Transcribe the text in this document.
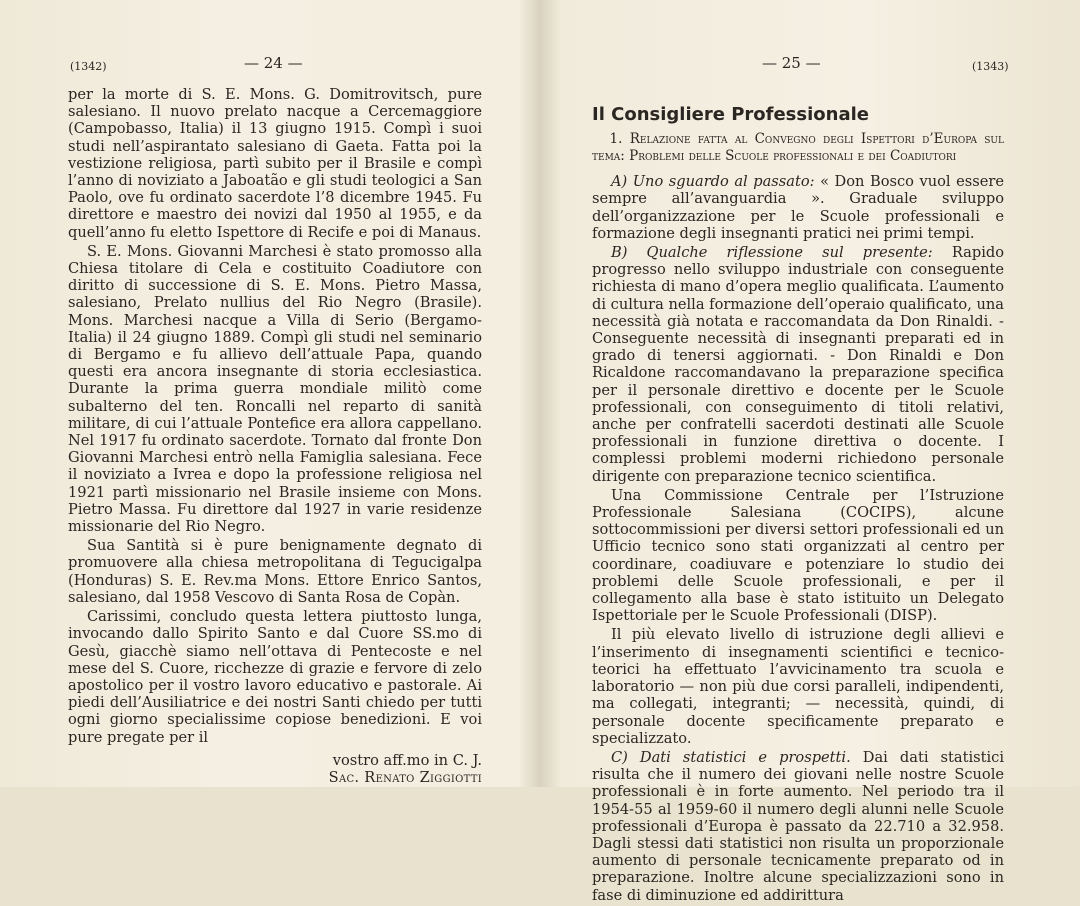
(1342)	— 24 —

per la morte di S. E. Mons. G. Domitrovitsch, pure salesiano. Il nuovo prelato nacque a Cercemaggiore (Campobasso, Italia) il 13 giugno 1915. Compì i suoi studi nell’aspirantato salesiano di Gaeta. Fatta poi la vestizione religiosa, partì subito per il Brasile e compì l’anno di noviziato a Jaboatão e gli studi teologici a San Paolo, ove fu ordinato sacerdote l’8 dicembre 1945. Fu direttore e maestro dei novizi dal 1950 al 1955, e da quell’anno fu eletto Ispettore di Recife e poi di Manaus.

S. E. Mons. Giovanni Marchesi è stato promosso alla Chiesa titolare di Cela e costituito Coadiutore con diritto di successione di S. E. Mons. Pietro Massa, salesiano, Prelato nullius del Rio Negro (Brasile). Mons. Marchesi nacque a Villa di Serio (Bergamo-Italia) il 24 giugno 1889. Compì gli studi nel seminario di Bergamo e fu allievo dell’attuale Papa, quando questi era ancora insegnante di storia ecclesiastica. Durante la prima guerra mondiale militò come subalterno del ten. Roncalli nel reparto di sanità militare, di cui l’attuale Pontefice era allora cappellano. Nel 1917 fu ordinato sacerdote. Tornato dal fronte Don Giovanni Marchesi entrò nella Famiglia salesiana. Fece il noviziato a Ivrea e dopo la professione religiosa nel 1921 partì missionario nel Brasile insieme con Mons. Pietro Massa. Fu direttore dal 1927 in varie residenze missionarie del Rio Negro.

Sua Santità si è pure benignamente degnato di promuovere alla chiesa metropolitana di Tegucigalpa (Honduras) S. E. Rev.ma Mons. Ettore Enrico Santos, salesiano, dal 1958 Vescovo di Santa Rosa de Copàn.

Carissimi, concludo questa lettera piuttosto lunga, invocando dallo Spirito Santo e dal Cuore SS.mo di Gesù, giacchè siamo nell’ottava di Pentecoste e nel mese del S. Cuore, ricchezze di grazie e fervore di zelo apostolico per il vostro lavoro educativo e pastorale. Ai piedi dell’Ausiliatrice e dei nostri Santi chiedo per tutti ogni giorno specialissime copiose benedizioni. E voi pure pregate per il

vostro aff.mo in C. J.
Sac. Renato Ziggiotti
— 25 —	(1343)
Il Consigliere Professionale
1. Relazione fatta al Convegno degli Ispettori d’Europa sul tema: Problemi delle Scuole professionali e dei Coadiutori

A) Uno sguardo al passato: « Don Bosco vuol essere sempre all’avanguardia ». Graduale sviluppo dell’organizzazione per le Scuole professionali e formazione degli insegnanti pratici nei primi tempi.

B) Qualche riflessione sul presente: Rapido progresso nello sviluppo industriale con conseguente richiesta di mano d’opera meglio qualificata. L’aumento di cultura nella formazione dell’operaio qualificato, una necessità già notata e raccomandata da Don Rinaldi. - Conseguente necessità di insegnanti preparati ed in grado di tenersi aggiornati. - Don Rinaldi e Don Ricaldone raccomandavano la preparazione specifica per il personale direttivo e docente per le Scuole professionali, con conseguimento di titoli relativi, anche per confratelli sacerdoti destinati alle Scuole professionali in funzione direttiva o docente. I complessi problemi moderni richiedono personale dirigente con preparazione tecnico scientifica.

Una Commissione Centrale per l’Istruzione Professionale Salesiana (COCIPS), alcune sottocommissioni per diversi settori professionali ed un Ufficio tecnico sono stati organizzati al centro per coordinare, coadiuvare e potenziare lo studio dei problemi delle Scuole professionali, e per il collegamento alla base è stato istituito un Delegato Ispettoriale per le Scuole Professionali (DISP).

Il più elevato livello di istruzione degli allievi e l’inserimento di insegnamenti scientifici e tecnico-teorici ha effettuato l’avvicinamento tra scuola e laboratorio — non più due corsi paralleli, indipendenti, ma collegati, integranti; — necessità, quindi, di personale docente specificamente preparato e specializzato.

C) Dati statistici e prospetti. Dai dati statistici risulta che il numero dei giovani nelle nostre Scuole professionali è in forte aumento. Nel periodo tra il 1954-55 al 1959-60 il numero degli alunni nelle Scuole professionali d’Europa è passato da 22.710 a 32.958. Dagli stessi dati statistici non risulta un proporzionale aumento di personale tecnicamente preparato od in preparazione. Inoltre alcune specializzazioni sono in fase di diminuzione ed addirittura
